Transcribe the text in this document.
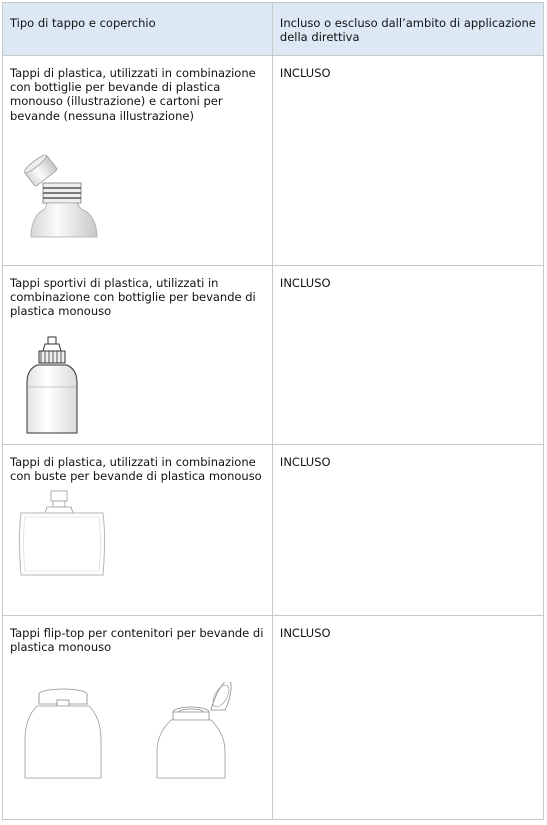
Tipo di tappo e coperchio	Incluso o escluso dall’ambito di applicazione della direttiva

Tappi di plastica, utilizzati in combinazione con bottiglie per bevande di plastica monouso (illustrazione) e cartoni per bevande (nessuna illustrazione)	INCLUSO

Tappi sportivi di plastica, utilizzati in combinazione con bottiglie per bevande di plastica monouso	INCLUSO

Tappi di plastica, utilizzati in combinazione con buste per bevande di plastica monouso	INCLUSO

Tappi flip-top per contenitori per bevande di plastica monouso	INCLUSO
